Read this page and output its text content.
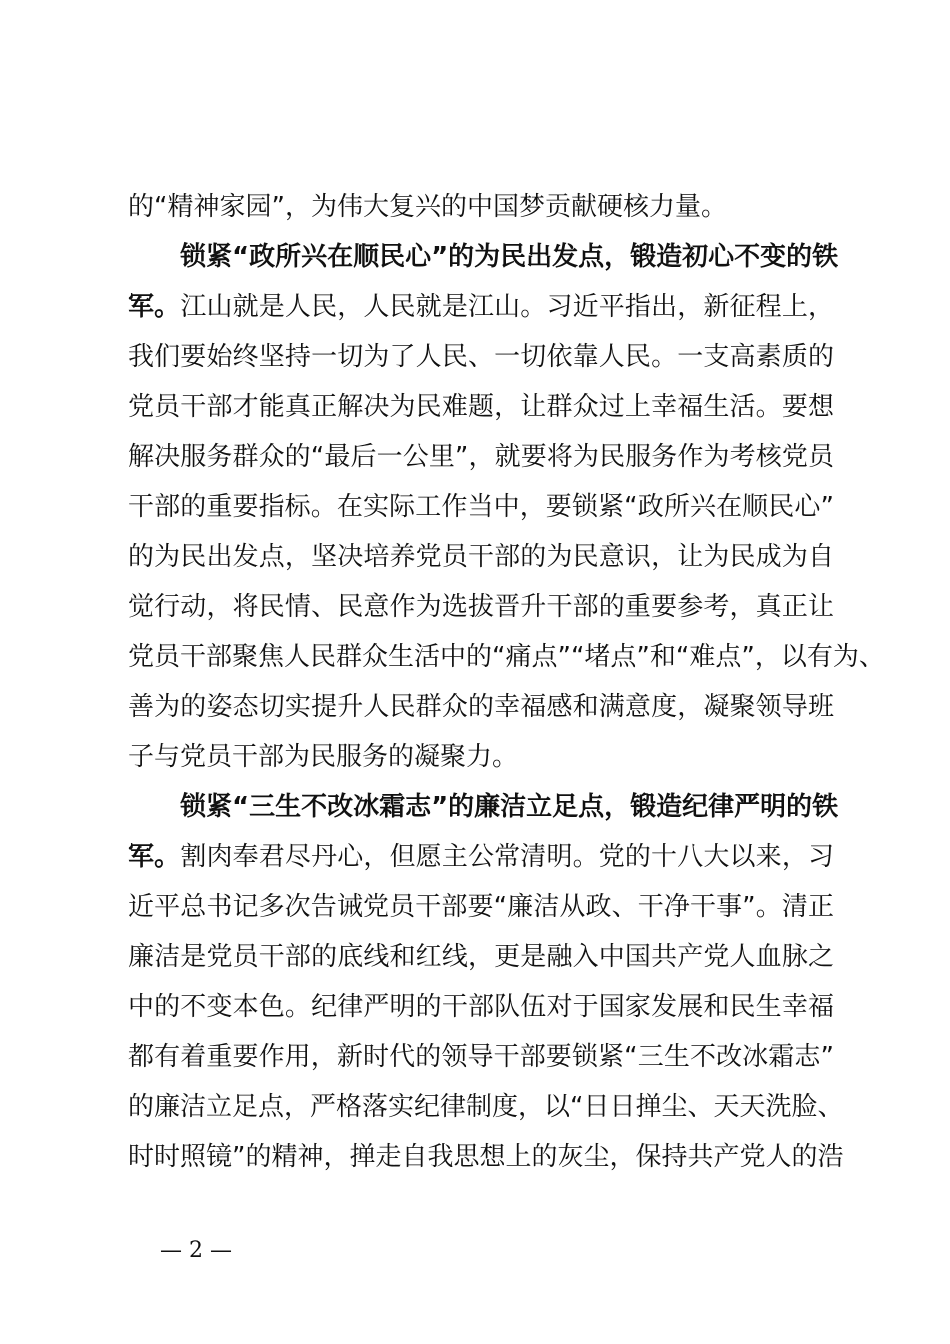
的“精神家园”，为伟大复兴的中国梦贡献硬核力量。
锁紧“政所兴在顺民心”的为民出发点，锻造初心不变的铁
军。江山就是人民，人民就是江山。习近平指出，新征程上，
我们要始终坚持一切为了人民、一切依靠人民。一支高素质的
党员干部才能真正解决为民难题，让群众过上幸福生活。要想
解决服务群众的“最后一公里”，就要将为民服务作为考核党员
干部的重要指标。在实际工作当中，要锁紧“政所兴在顺民心”
的为民出发点，坚决培养党员干部的为民意识，让为民成为自
觉行动，将民情、民意作为选拔晋升干部的重要参考，真正让
党员干部聚焦人民群众生活中的“痛点”“堵点”和“难点”，以有为、
善为的姿态切实提升人民群众的幸福感和满意度，凝聚领导班
子与党员干部为民服务的凝聚力。
锁紧“三生不改冰霜志”的廉洁立足点，锻造纪律严明的铁
军。割肉奉君尽丹心，但愿主公常清明。党的十八大以来，习
近平总书记多次告诫党员干部要“廉洁从政、干净干事”。清正
廉洁是党员干部的底线和红线，更是融入中国共产党人血脉之
中的不变本色。纪律严明的干部队伍对于国家发展和民生幸福
都有着重要作用，新时代的领导干部要锁紧“三生不改冰霜志”
的廉洁立足点，严格落实纪律制度，以“日日掸尘、天天洗脸、
时时照镜”的精神，掸走自我思想上的灰尘，保持共产党人的浩
— 2 —
